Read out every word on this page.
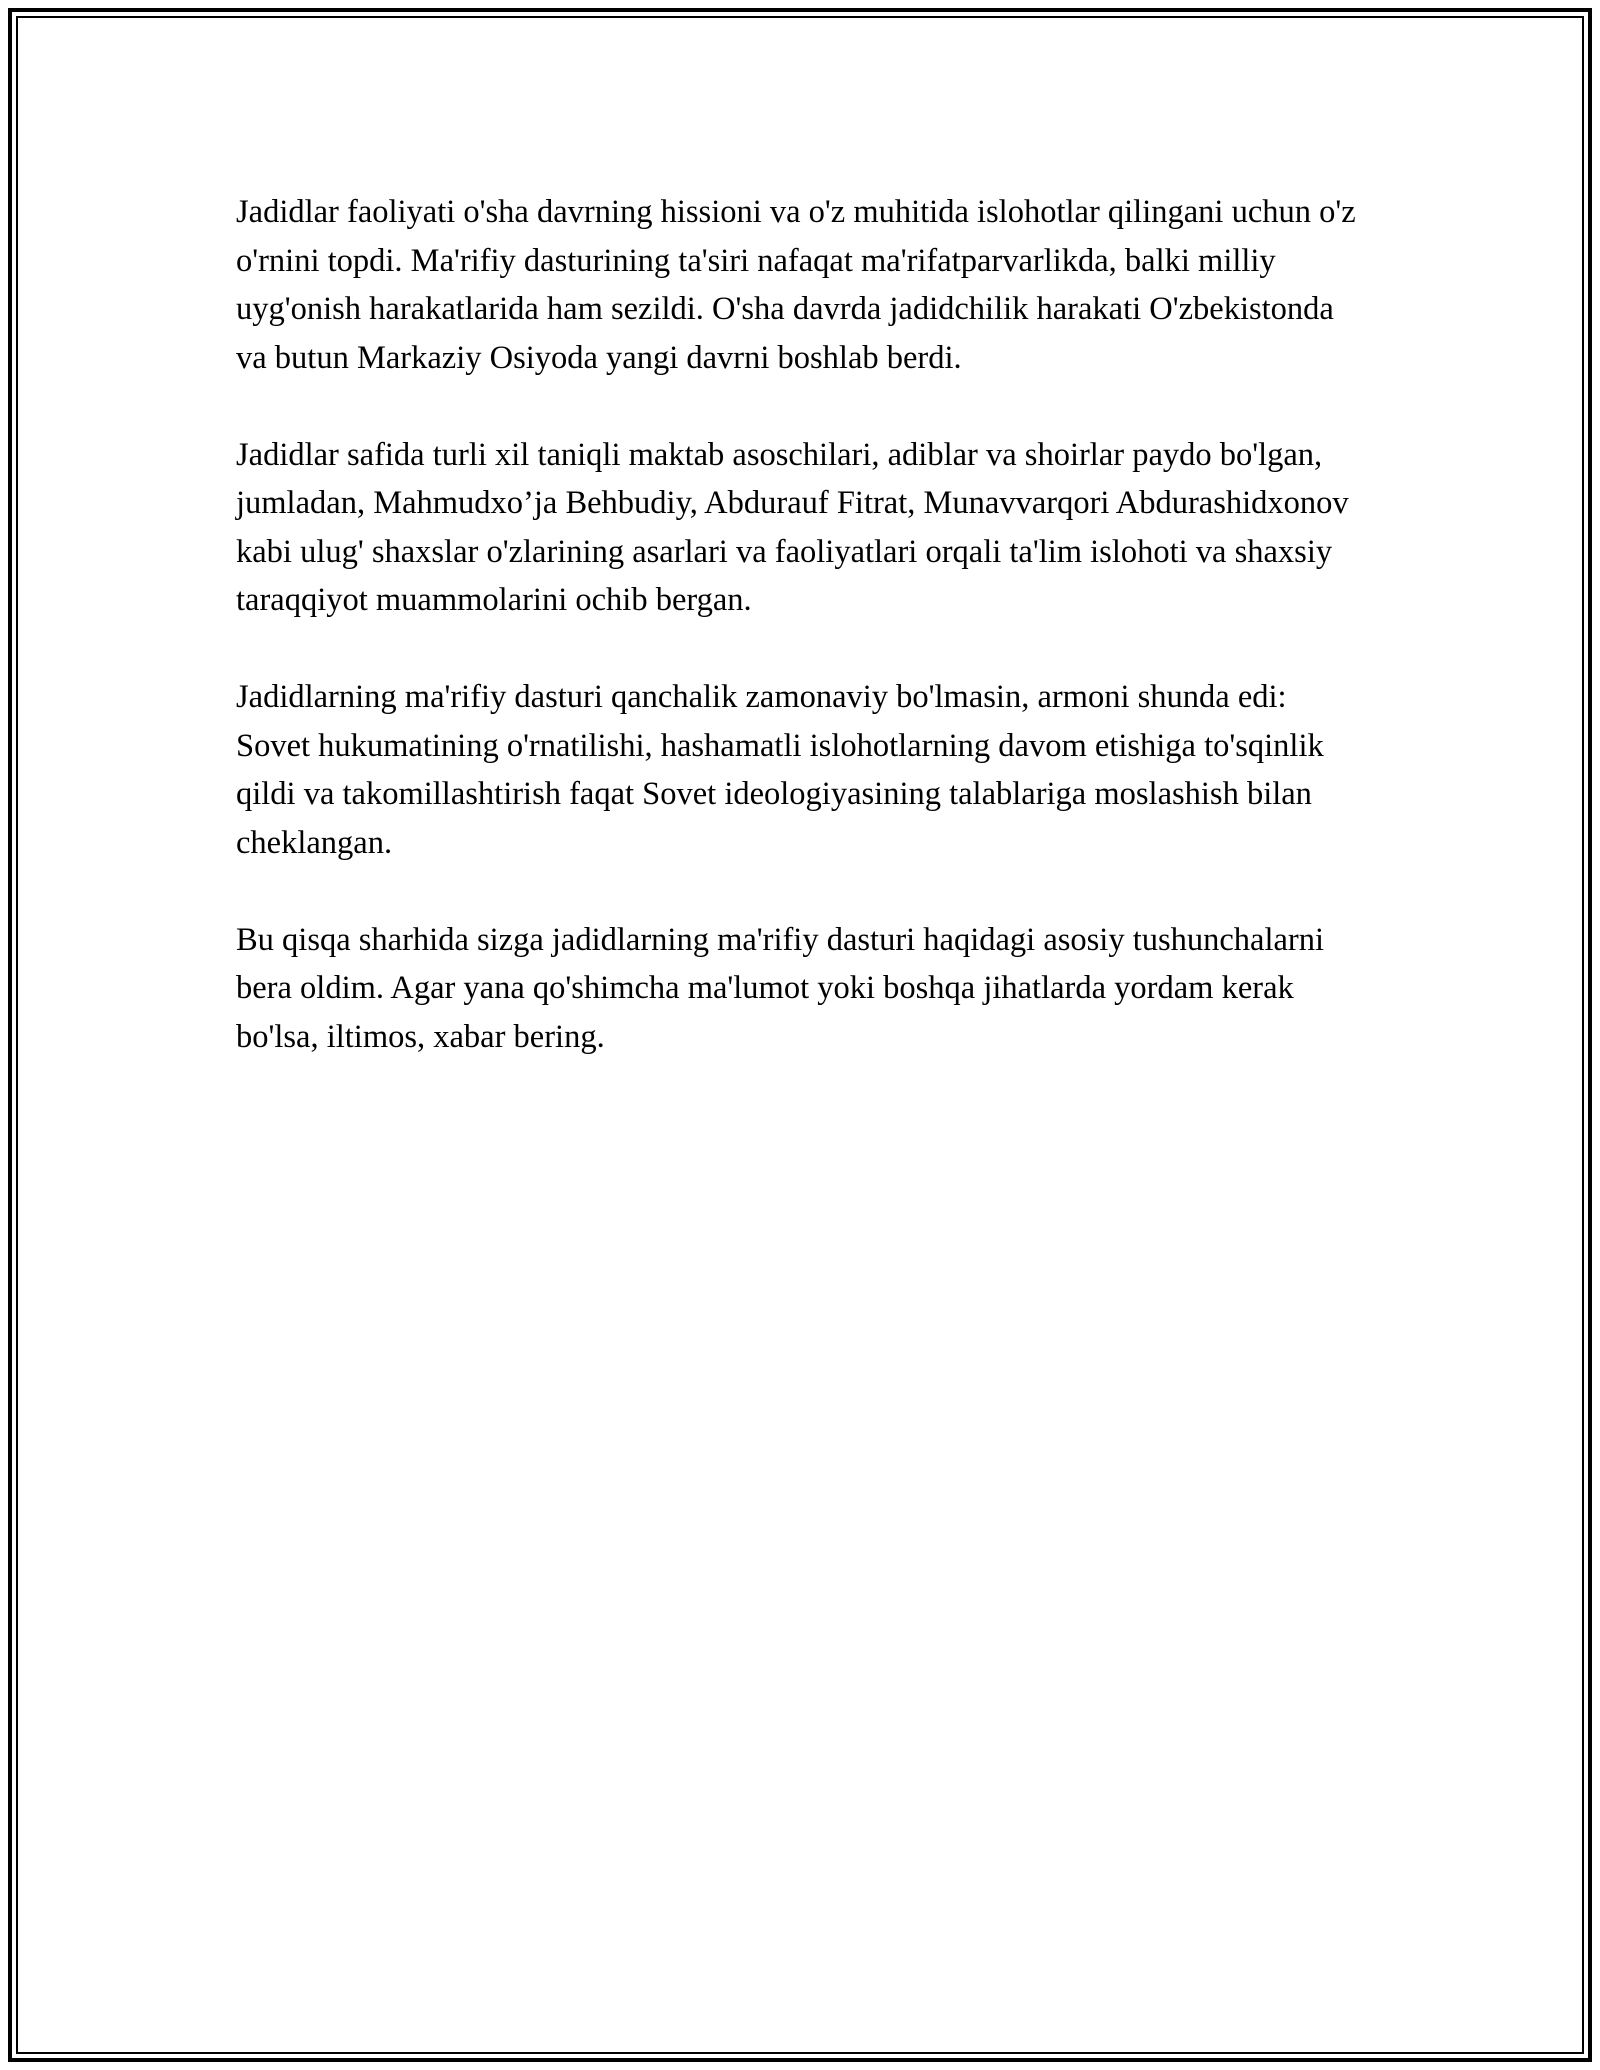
Jadidlar faoliyati o'sha davrning hissioni va o'z muhitida islohotlar qilingani uchun o'z o'rnini topdi. Ma'rifiy dasturining ta'siri nafaqat ma'rifatparvarlikda, balki milliy uyg'onish harakatlarida ham sezildi. O'sha davrda jadidchilik harakati O'zbekistonda va butun Markaziy Osiyoda yangi davrni boshlab berdi.

Jadidlar safida turli xil taniqli maktab asoschilari, adiblar va shoirlar paydo bo'lgan, jumladan, Mahmudxo’ja Behbudiy, Abdurauf Fitrat, Munavvarqori Abdurashidxonov kabi ulug' shaxslar o'zlarining asarlari va faoliyatlari orqali ta'lim islohoti va shaxsiy taraqqiyot muammolarini ochib bergan.

Jadidlarning ma'rifiy dasturi qanchalik zamonaviy bo'lmasin, armoni shunda edi: Sovet hukumatining o'rnatilishi, hashamatli islohotlarning davom etishiga to'sqinlik qildi va takomillashtirish faqat Sovet ideologiyasining talablariga moslashish bilan cheklangan.

Bu qisqa sharhida sizga jadidlarning ma'rifiy dasturi haqidagi asosiy tushunchalarni bera oldim. Agar yana qo'shimcha ma'lumot yoki boshqa jihatlarda yordam kerak bo'lsa, iltimos, xabar bering.
